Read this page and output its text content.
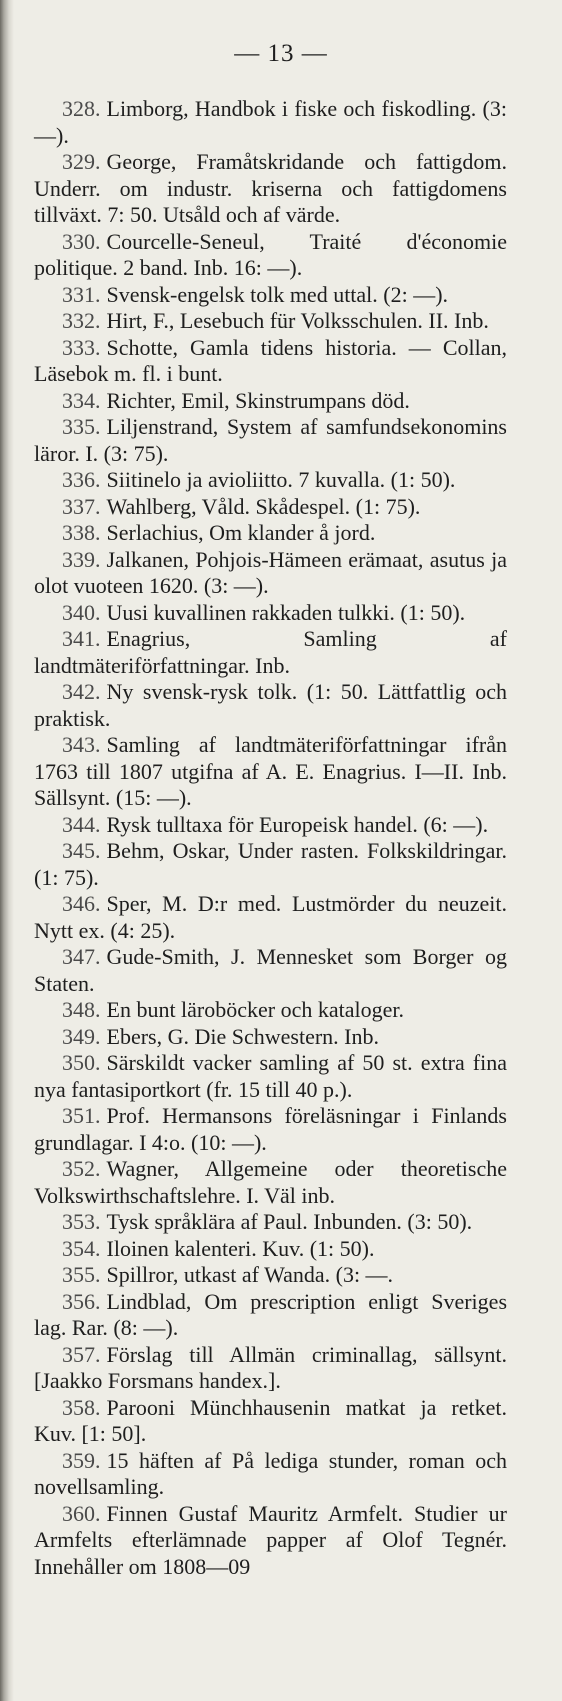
— 13 —

328. Limborg, Handbok i fiske och fiskodling. (3: —).

329. George, Framåtskridande och fattigdom. Underr. om industr. kriserna och fattigdomens tillväxt. 7: 50. Utsåld och af värde.

330. Courcelle-Seneul, Traité d'économie politique. 2 band. Inb. 16: —).

331. Svensk-engelsk tolk med uttal. (2: —).

332. Hirt, F., Lesebuch für Volksschulen. II. Inb.

333. Schotte, Gamla tidens historia. — Collan, Läsebok m. fl. i bunt.

334. Richter, Emil, Skinstrumpans död.

335. Liljenstrand, System af samfundsekonomins läror. I. (3: 75).

336. Siitinelo ja avioliitto. 7 kuvalla. (1: 50).

337. Wahlberg, Våld. Skådespel. (1: 75).

338. Serlachius, Om klander å jord.

339. Jalkanen, Pohjois-Hämeen erämaat, asutus ja olot vuoteen 1620. (3: —).

340. Uusi kuvallinen rakkaden tulkki. (1: 50).

341. Enagrius, Samling af landtmäteriförfattningar. Inb.

342. Ny svensk-rysk tolk. (1: 50. Lättfattlig och praktisk.

343. Samling af landtmäteriförfattningar ifrån 1763 till 1807 utgifna af A. E. Enagrius. I—II. Inb. Sällsynt. (15: —).

344. Rysk tulltaxa för Europeisk handel. (6: —).

345. Behm, Oskar, Under rasten. Folkskildringar. (1: 75).

346. Sper, M. D:r med. Lustmörder du neuzeit. Nytt ex. (4: 25).

347. Gude-Smith, J. Mennesket som Borger og Staten.

348. En bunt läroböcker och kataloger.

349. Ebers, G. Die Schwestern. Inb.

350. Särskildt vacker samling af 50 st. extra fina nya fantasiportkort (fr. 15 till 40 p.).

351. Prof. Hermansons föreläsningar i Finlands grundlagar. I 4:o. (10: —).

352. Wagner, Allgemeine oder theoretische Volkswirthschaftslehre. I. Väl inb.

353. Tysk språklära af Paul. Inbunden. (3: 50).

354. Iloinen kalenteri. Kuv. (1: 50).

355. Spillror, utkast af Wanda. (3: —.

356. Lindblad, Om prescription enligt Sveriges lag. Rar. (8: —).

357. Förslag till Allmän criminallag, sällsynt. [Jaakko Forsmans handex.].

358. Parooni Münchhausenin matkat ja retket. Kuv. [1: 50].

359. 15 häften af På lediga stunder, roman och novellsamling.

360. Finnen Gustaf Mauritz Armfelt. Studier ur Armfelts efterlämnade papper af Olof Tegnér. Innehåller om 1808—09
